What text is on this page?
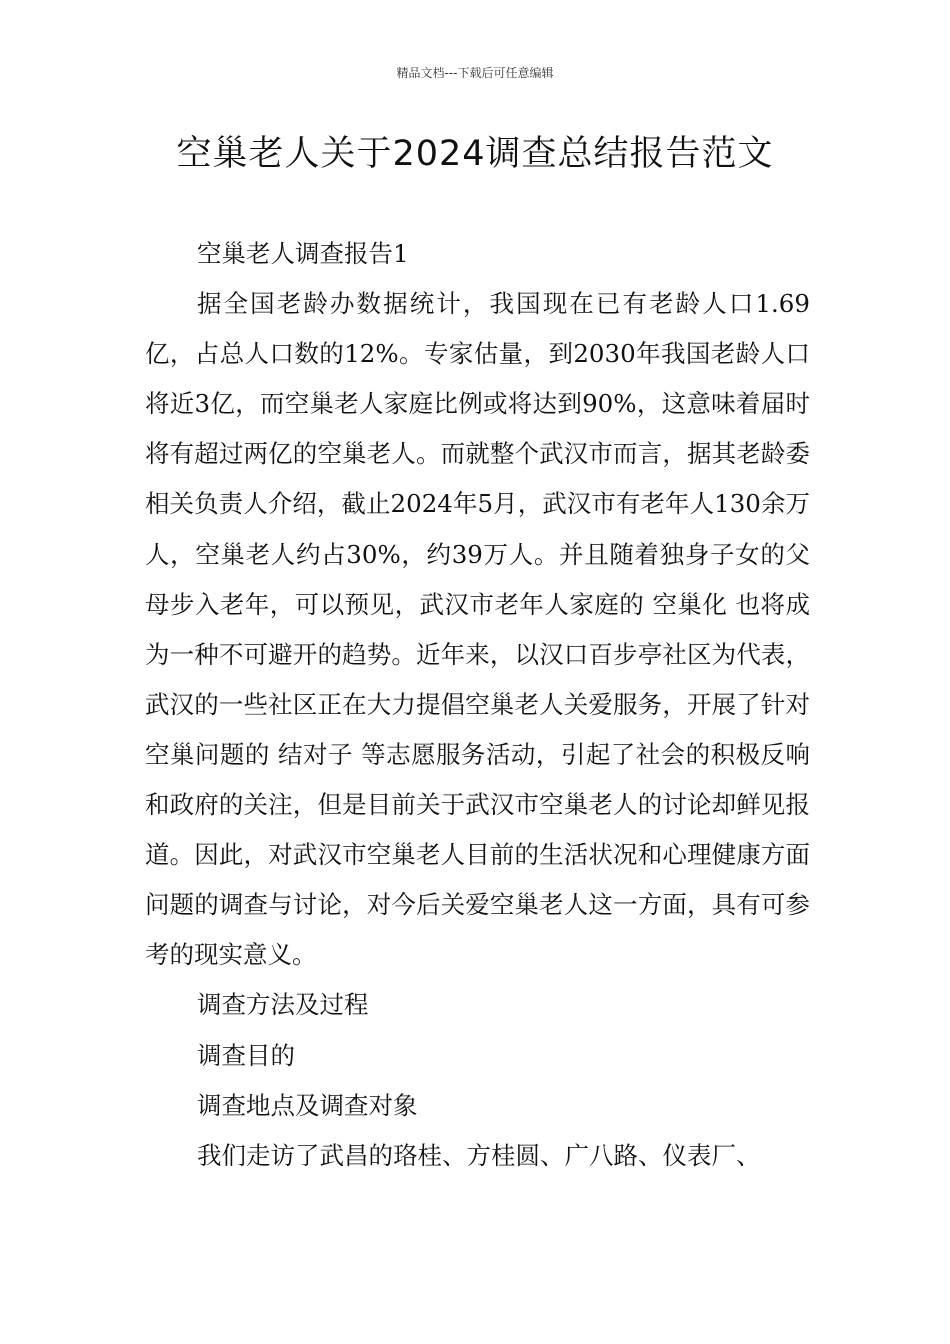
精品文档---下载后可任意编辑
空巢老人关于2024调查总结报告范文

空巢老人调查报告1

据全国老龄办数据统计，我国现在已有老龄人口1.69亿，占总人口数的12%。专家估量，到2030年我国老龄人口将近3亿，而空巢老人家庭比例或将达到90%，这意味着届时将有超过两亿的空巢老人。而就整个武汉市而言，据其老龄委相关负责人介绍，截止2024年5月，武汉市有老年人130余万人，空巢老人约占30%，约39万人。并且随着独身子女的父母步入老年，可以预见，武汉市老年人家庭的 空巢化 也将成为一种不可避开的趋势。近年来，以汉口百步亭社区为代表，武汉的一些社区正在大力提倡空巢老人关爱服务，开展了针对空巢问题的 结对子 等志愿服务活动，引起了社会的积极反响和政府的关注，但是目前关于武汉市空巢老人的讨论却鲜见报道。因此，对武汉市空巢老人目前的生活状况和心理健康方面问题的调查与讨论，对今后关爱空巢老人这一方面，具有可参考的现实意义。

调查方法及过程

调查目的

调查地点及调查对象

我们走访了武昌的珞桂、方桂圆、广八路、仪表厂、
